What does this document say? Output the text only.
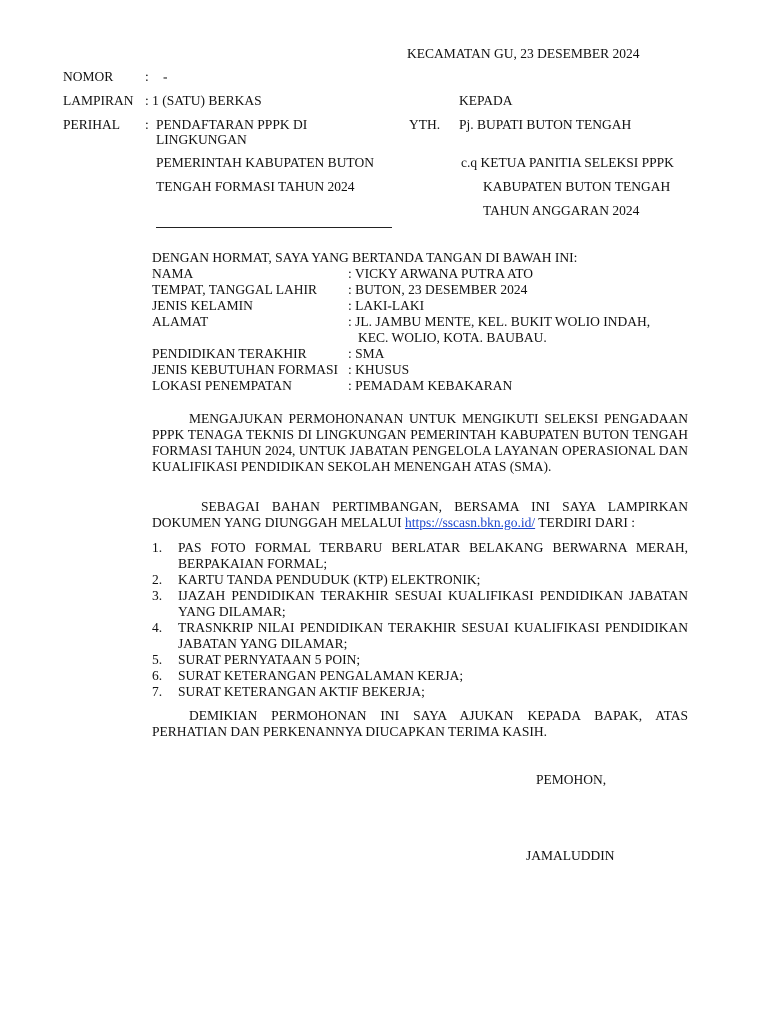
KECAMATAN GU, 23 DESEMBER 2024
NOMOR : -
LAMPIRAN : 1 (SATU) BERKAS
PERIHAL : PENDAFTARAN PPPK DI
LINGKUNGAN
PEMERINTAH KABUPATEN BUTON
TENGAH FORMASI TAHUN 2024
KEPADA
YTH. Pj. BUPATI BUTON TENGAH
c.q KETUA PANITIA SELEKSI PPPK
KABUPATEN BUTON TENGAH
TAHUN ANGGARAN 2024
DENGAN HORMAT, SAYA YANG BERTANDA TANGAN DI BAWAH INI:
NAMA	: VICKY ARWANA PUTRA ATO
TEMPAT, TANGGAL LAHIR : BUTON, 23 DESEMBER 2024
JENIS KELAMIN	: LAKI-LAKI
ALAMAT	: JL. JAMBU MENTE, KEL. BUKIT WOLIO INDAH,
KEC. WOLIO, KOTA. BAUBAU.
PENDIDIKAN TERAKHIR	: SMA
JENIS KEBUTUHAN FORMASI : KHUSUS
LOKASI PENEMPATAN	: PEMADAM KEBAKARAN
MENGAJUKAN PERMOHONANAN UNTUK MENGIKUTI SELEKSI PENGADAAN PPPK TENAGA TEKNIS DI LINGKUNGAN PEMERINTAH KABUPATEN BUTON TENGAH FORMASI TAHUN 2024, UNTUK JABATAN PENGELOLA LAYANAN OPERASIONAL DAN KUALIFIKASI PENDIDIKAN SEKOLAH MENENGAH ATAS (SMA).
SEBAGAI BAHAN PERTIMBANGAN, BERSAMA INI SAYA LAMPIRKAN DOKUMEN YANG DIUNGGAH MELALUI https://sscasn.bkn.go.id/ TERDIRI DARI :
1. PAS FOTO FORMAL TERBARU BERLATAR BELAKANG BERWARNA MERAH, BERPAKAIAN FORMAL;
2. KARTU TANDA PENDUDUK (KTP) ELEKTRONIK;
3. IJAZAH PENDIDIKAN TERAKHIR SESUAI KUALIFIKASI PENDIDIKAN JABATAN YANG DILAMAR;
4. TRASNKRIP NILAI PENDIDIKAN TERAKHIR SESUAI KUALIFIKASI PENDIDIKAN JABATAN YANG DILAMAR;
5. SURAT PERNYATAAN 5 POIN;
6. SURAT KETERANGAN PENGALAMAN KERJA;
7. SURAT KETERANGAN AKTIF BEKERJA;
DEMIKIAN PERMOHONAN INI SAYA AJUKAN KEPADA BAPAK, ATAS PERHATIAN DAN PERKENANNYA DIUCAPKAN TERIMA KASIH.
PEMOHON,
JAMALUDDIN
